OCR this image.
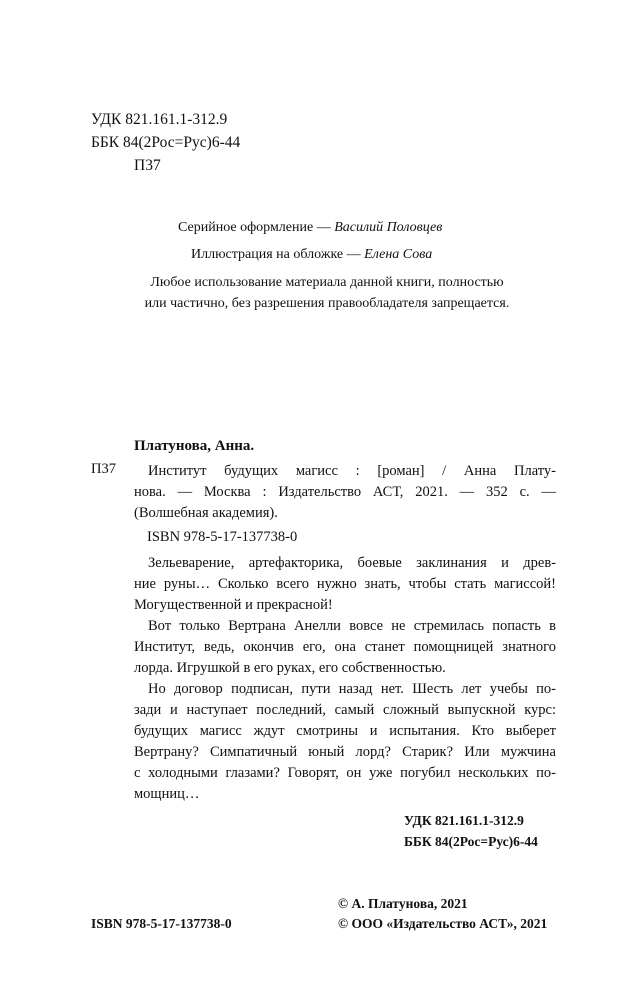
УДК 821.161.1-312.9
ББК 84(2Рос=Рус)6-44
П37
Серийное оформление — Василий Половцев
Иллюстрация на обложке — Елена Сова
Любое использование материала данной книги, полностью
или частично, без разрешения правообладателя запрещается.
Платунова, Анна.
П37	Институт будущих магисс : [роман] / Анна Плату-
нова. — Москва : Издательство АСТ, 2021. — 352 с. —
(Волшебная академия).
ISBN 978-5-17-137738-0
Зельеварение, артефакторика, боевые заклинания и древ-
ние руны… Сколько всего нужно знать, чтобы стать магиссой!
Могущественной и прекрасной!
Вот только Вертрана Анелли вовсе не стремилась попасть в
Институт, ведь, окончив его, она станет помощницей знатного
лорда. Игрушкой в его руках, его собственностью.
Но договор подписан, пути назад нет. Шесть лет учебы по-
зади и наступает последний, самый сложный выпускной курс:
будущих магисс ждут смотрины и испытания. Кто выберет
Вертрану? Симпатичный юный лорд? Старик? Или мужчина
с холодными глазами? Говорят, он уже погубил нескольких по-
мощниц…
УДК 821.161.1-312.9
ББК 84(2Рос=Рус)6-44
ISBN 978-5-17-137738-0
© А. Платунова, 2021
© ООО «Издательство АСТ», 2021
